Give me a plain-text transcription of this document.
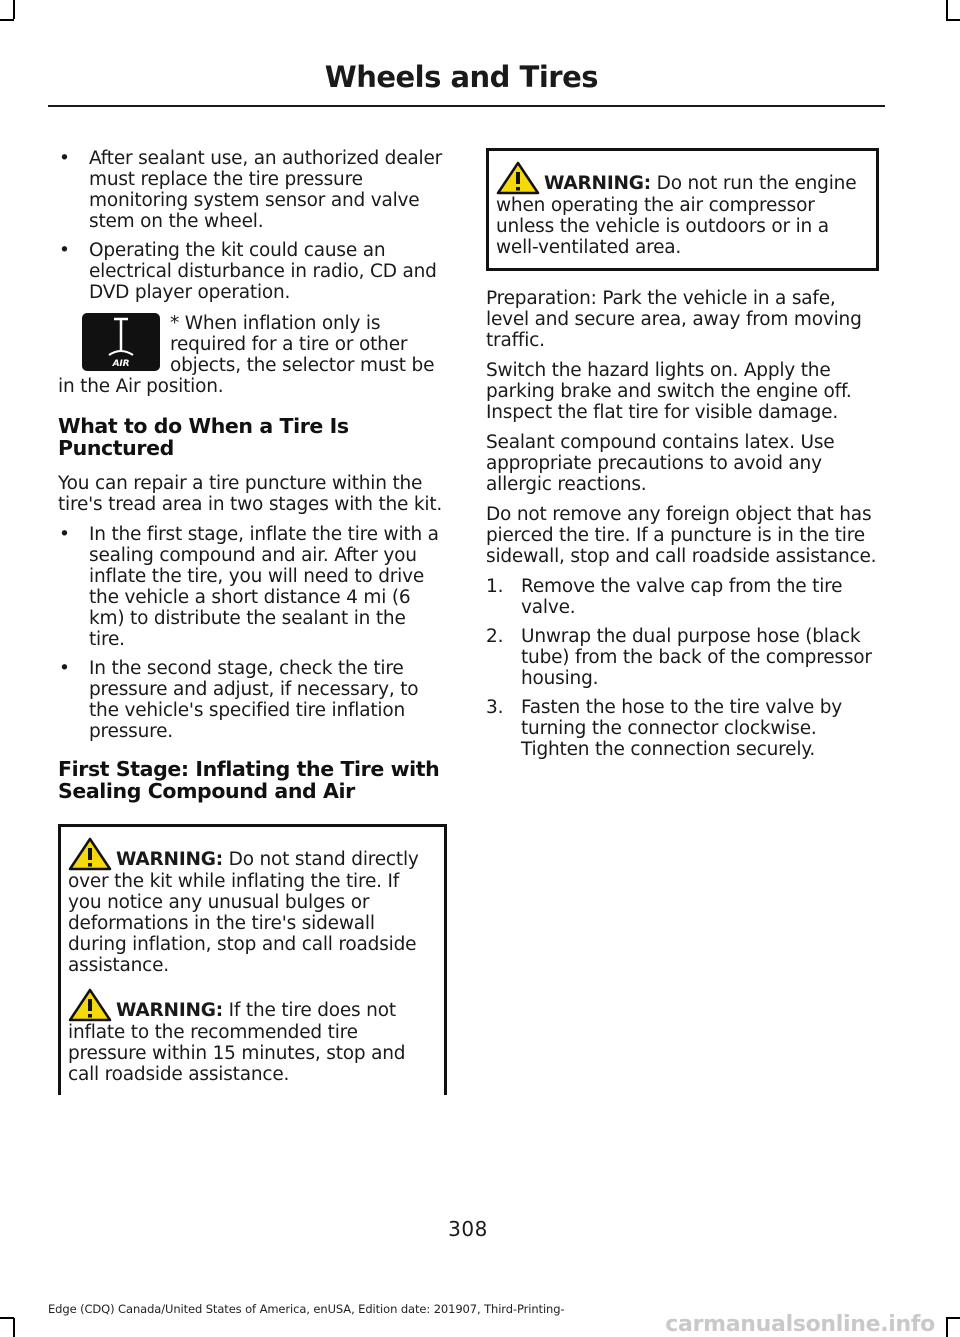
Wheels and Tires
• After sealant use, an authorized dealer must replace the tire pressure monitoring system sensor and valve stem on the wheel.
• Operating the kit could cause an electrical disturbance in radio, CD and DVD player operation.
AIR

* When inflation only is required for a tire or other objects, the selector must be in the Air position.

What to do When a Tire Is Punctured

You can repair a tire puncture within the tire's tread area in two stages with the kit.

• In the first stage, inflate the tire with a sealing compound and air. After you inflate the tire, you will need to drive the vehicle a short distance 4 mi (6 km) to distribute the sealant in the tire.
• In the second stage, check the tire pressure and adjust, if necessary, to the vehicle's specified tire inflation pressure.
First Stage: Inflating the Tire with Sealing Compound and Air

WARNING: Do not stand directly over the kit while inflating the tire. If you notice any unusual bulges or deformations in the tire's sidewall during inflation, stop and call roadside assistance.

WARNING: If the tire does not inflate to the recommended tire pressure within 15 minutes, stop and call roadside assistance.

WARNING: Do not run the engine when operating the air compressor unless the vehicle is outdoors or in a well-ventilated area.

Preparation: Park the vehicle in a safe, level and secure area, away from moving traffic.

Switch the hazard lights on. Apply the parking brake and switch the engine off. Inspect the flat tire for visible damage.

Sealant compound contains latex. Use appropriate precautions to avoid any allergic reactions.

Do not remove any foreign object that has pierced the tire. If a puncture is in the tire sidewall, stop and call roadside assistance.

1. Remove the valve cap from the tire valve.
2. Unwrap the dual purpose hose (black tube) from the back of the compressor housing.
3. Fasten the hose to the tire valve by turning the connector clockwise. Tighten the connection securely.
308
Edge (CDQ) Canada/United States of America, enUSA, Edition date: 201907, Third-Printing-
carmanualsonline.info
